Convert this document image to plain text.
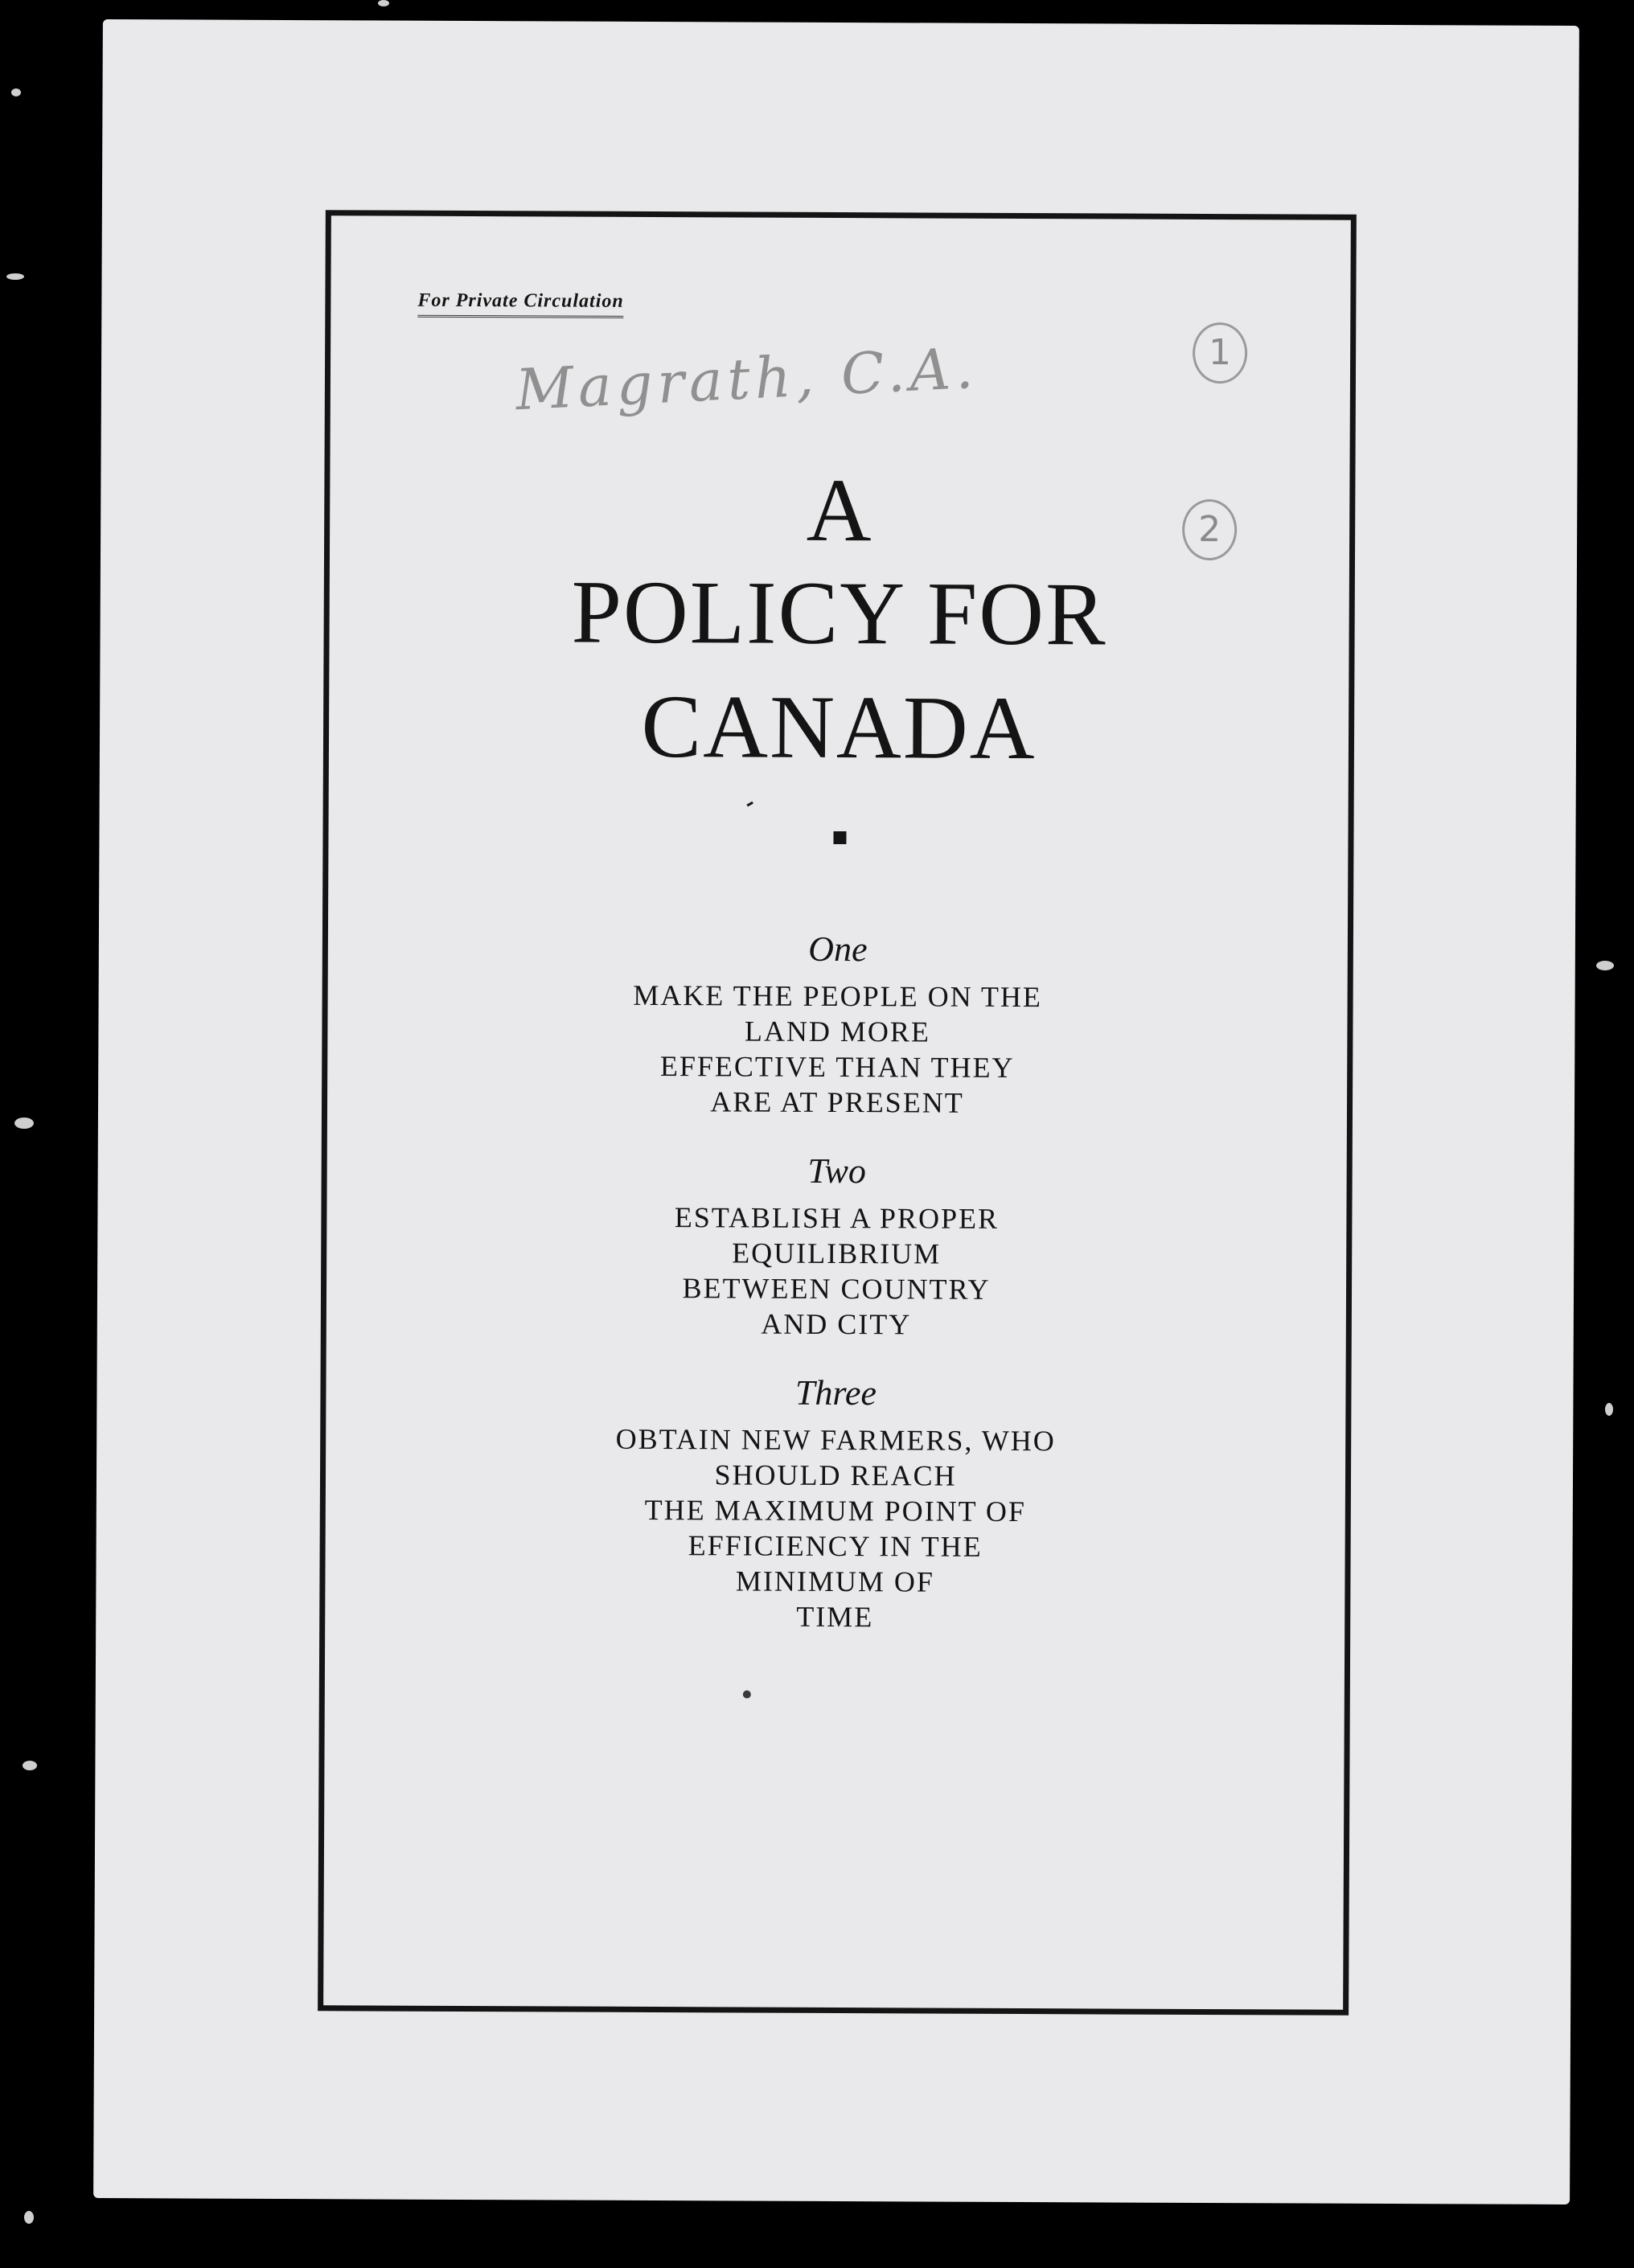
For Private Circulation
Magrath, C.A.	1
2
A
POLICY FOR
CANADA
One
MAKE THE PEOPLE ON THE
LAND MORE
EFFECTIVE THAN THEY
ARE AT PRESENT
Two
ESTABLISH A PROPER
EQUILIBRIUM
BETWEEN COUNTRY
AND CITY
Three
OBTAIN NEW FARMERS, WHO
SHOULD REACH
THE MAXIMUM POINT OF
EFFICIENCY IN THE
MINIMUM OF
TIME
